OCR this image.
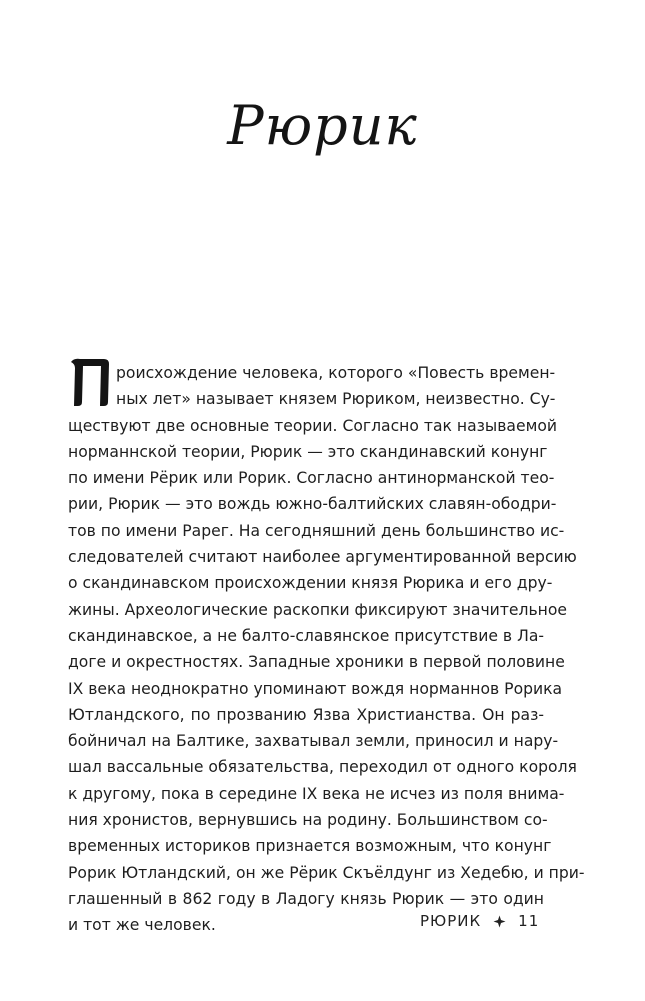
Рюрик
роисхождение человека, которого «Повесть времен-
ных лет» называет князем Рюриком, неизвестно. Су-
ществуют две основные теории. Согласно так называемой
норманнской теории, Рюрик — это скандинавский конунг
по имени Рёрик или Рорик. Согласно антинорманской тео-
рии, Рюрик — это вождь южно-балтийских славян-ободри-
тов по имени Рарег. На сегодняшний день большинство ис-
следователей считают наиболее аргументированной версию
о скандинавском происхождении князя Рюрика и его дру-
жины. Археологические раскопки фиксируют значительное
скандинавское, а не балто-славянское присутствие в Ла-
доге и окрестностях. Западные хроники в первой половине
IX века неоднократно упоминают вождя норманнов Рорика
Ютландского, по прозванию Язва Христианства. Он раз-
бойничал на Балтике, захватывал земли, приносил и нару-
шал вассальные обязательства, переходил от одного короля
к другому, пока в середине IX века не исчез из поля внима-
ния хронистов, вернувшись на родину. Большинством со-
временных историков признается возможным, что конунг
Рорик Ютландский, он же Рёрик Скъёлдунг из Хедебю, и при-
глашенный в 862 году в Ладогу князь Рюрик — это один
и тот же человек.	РЮРИК 11
